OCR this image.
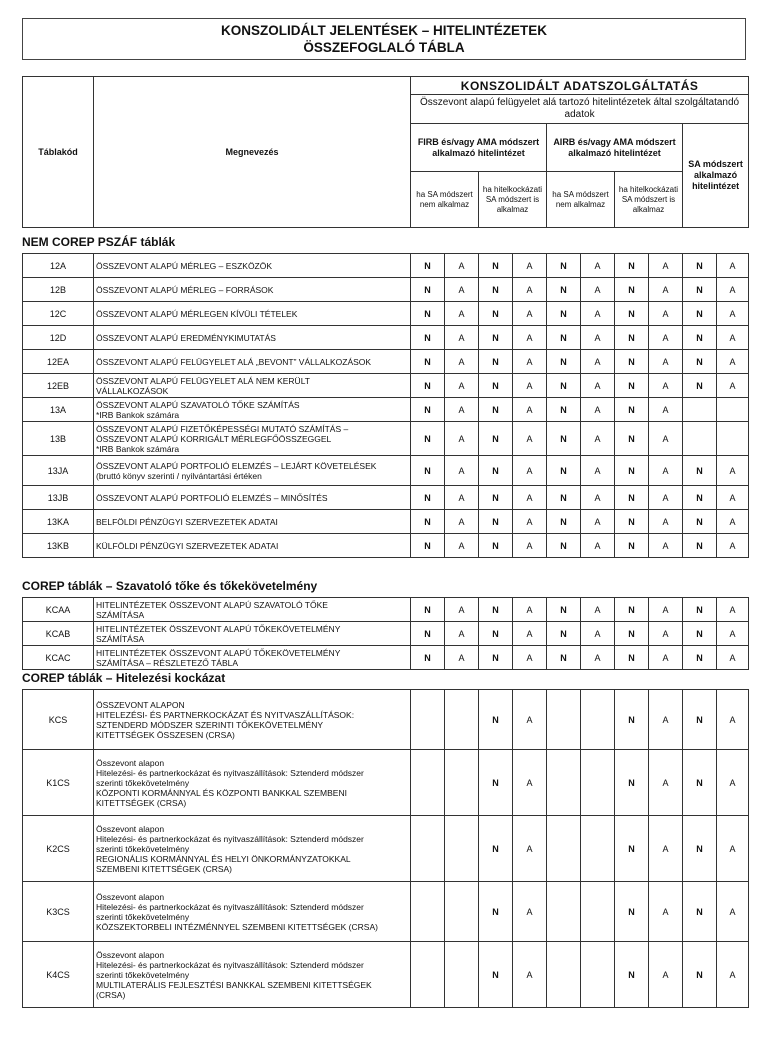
KONSZOLIDÁLT JELENTÉSEK – HITELINTÉZETEK
ÖSSZEFOGLALÓ TÁBLA
Táblakód	Megnevezés	KONSZOLIDÁLT ADATSZOLGÁLTATÁS				
		Összevont alapú felügyelet alá tartozó hitelintézetek által szolgáltatandó adatok				
		FIRB és/vagy AMA módszert alkalmazó hitelintézet		AIRB és/vagy AMA módszert alkalmazó hitelintézet		SA módszert alkalmazó hitelintézet
		ha SA módszert nem alkalmaz	ha hitelkockázati SA módszert is alkalmaz	ha SA módszert nem alkalmaz	ha hitelkockázati SA módszert is alkalmaz	
NEM COREP PSZÁF táblák
12A	ÖSSZEVONT ALAPÚ MÉRLEG – ESZKÖZÖK	N	A	N	A	N	A	N	A	N	A
12B	ÖSSZEVONT ALAPÚ MÉRLEG – FORRÁSOK	N	A	N	A	N	A	N	A	N	A
12C	ÖSSZEVONT ALAPÚ MÉRLEGEN KÍVÜLI TÉTELEK	N	A	N	A	N	A	N	A	N	A
12D	ÖSSZEVONT ALAPÚ EREDMÉNYKIMUTATÁS	N	A	N	A	N	A	N	A	N	A
12EA	ÖSSZEVONT ALAPÚ FELÜGYELET ALÁ „BEVONT” VÁLLALKOZÁSOK	N	A	N	A	N	A	N	A	N	A
12EB	ÖSSZEVONT ALAPÚ FELÜGYELET ALÁ NEM KERÜLT
VÁLLALKOZÁSOK	N	A	N	A	N	A	N	A	N	A
13A	ÖSSZEVONT ALAPÚ SZAVATOLÓ TŐKE SZÁMÍTÁS
*IRB Bankok számára	N	A	N	A	N	A	N	A		
13B	ÖSSZEVONT ALAPÚ FIZETŐKÉPESSÉGI MUTATÓ SZÁMÍTÁS –
ÖSSZEVONT ALAPÚ KORRIGÁLT MÉRLEGFŐÖSSZEGGEL
*IRB Bankok számára	N	A	N	A	N	A	N	A		
13JA	ÖSSZEVONT ALAPÚ PORTFOLIÓ ELEMZÉS – LEJÁRT KÖVETELÉSEK
(bruttó könyv szerinti / nyilvántartási értéken	N	A	N	A	N	A	N	A	N	A
13JB	ÖSSZEVONT ALAPÚ PORTFOLIÓ ELEMZÉS – MINŐSÍTÉS	N	A	N	A	N	A	N	A	N	A
13KA	BELFÖLDI PÉNZÜGYI SZERVEZETEK ADATAI	N	A	N	A	N	A	N	A	N	A
13KB	KÜLFÖLDI PÉNZÜGYI SZERVEZETEK ADATAI	N	A	N	A	N	A	N	A	N	A
COREP táblák – Szavatoló tőke és tőkekövetelmény
KCAA	HITELINTÉZETEK ÖSSZEVONT ALAPÚ SZAVATOLÓ TŐKE
SZÁMÍTÁSA	N	A	N	A	N	A	N	A	N	A
KCAB	HITELINTÉZETEK ÖSSZEVONT ALAPÚ TŐKEKÖVETELMÉNY
SZÁMÍTÁSA	N	A	N	A	N	A	N	A	N	A
KCAC	HITELINTÉZETEK ÖSSZEVONT ALAPÚ TŐKEKÖVETELMÉNY
SZÁMÍTÁSA – RÉSZLETEZŐ TÁBLA	N	A	N	A	N	A	N	A	N	A
COREP táblák – Hitelezési kockázat
KCS	ÖSSZEVONT ALAPON
HITELEZÉSI- ÉS PARTNERKOCKÁZAT ÉS NYITVASZÁLLÍTÁSOK:
SZTENDERD MÓDSZER SZERINTI TŐKEKÖVETELMÉNY
KITETTSÉGEK ÖSSZESEN (CRSA)			N	A			N	A	N	A
K1CS	Összevont alapon
Hitelezési- és partnerkockázat és nyitvaszállítások: Sztenderd módszer
szerinti tőkekövetelmény
KÖZPONTI KORMÁNNYAL ÉS KÖZPONTI BANKKAL SZEMBENI
KITETTSÉGEK (CRSA)			N	A			N	A	N	A
K2CS	Összevont alapon
Hitelezési- és partnerkockázat és nyitvaszállítások: Sztenderd módszer
szerinti tőkekövetelmény
REGIONÁLIS KORMÁNNYAL ÉS HELYI ÖNKORMÁNYZATOKKAL
SZEMBENI KITETTSÉGEK (CRSA)			N	A			N	A	N	A
K3CS	Összevont alapon
Hitelezési- és partnerkockázat és nyitvaszállítások: Sztenderd módszer
szerinti tőkekövetelmény
KÖZSZEKTORBELI INTÉZMÉNNYEL SZEMBENI KITETTSÉGEK (CRSA)			N	A			N	A	N	A
K4CS	Összevont alapon
Hitelezési- és partnerkockázat és nyitvaszállítások: Sztenderd módszer
szerinti tőkekövetelmény
MULTILATERÁLIS FEJLESZTÉSI BANKKAL SZEMBENI KITETTSÉGEK
(CRSA)			N	A			N	A	N	A
